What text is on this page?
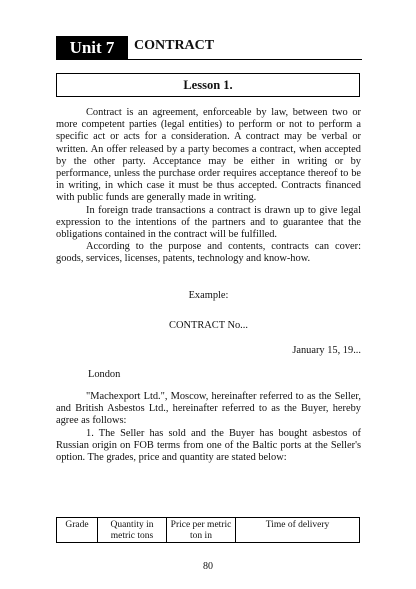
Unit 7	CONTRACT
Lesson 1.

Contract is an agreement, enforceable by law, between two or more competent parties (legal entities) to perform or not to perform a specific act or acts for a consideration. A contract may be verbal or written. An offer released by a party becomes a contract, when accepted by the other party. Acceptance may be either in writing or by performance, unless the purchase order requires acceptance thereof to be in writing, in which case it must be thus accepted. Contracts financed with public funds are generally made in writing.

In foreign trade transactions a contract is drawn up to give legal expression to the intentions of the partners and to guarantee that the obligations contained in the contract will be fulfilled.

According to the purpose and contents, contracts can cover: goods, services, licenses, patents, technology and know-how.

Example:
CONTRACT No...
January 15, 19...
London

"Machexport Ltd.", Moscow, hereinafter referred to as the Seller, and British Asbestos Ltd., hereinafter referred to as the Buyer, hereby agree as follows:

1. The Seller has sold and the Buyer has bought asbestos of Russian origin on FOB terms from one of the Baltic ports at the Seller's option. The grades, price and quantity are stated below:

Grade	Quantity in metric tons	Price per metric ton in	Time of delivery
80
